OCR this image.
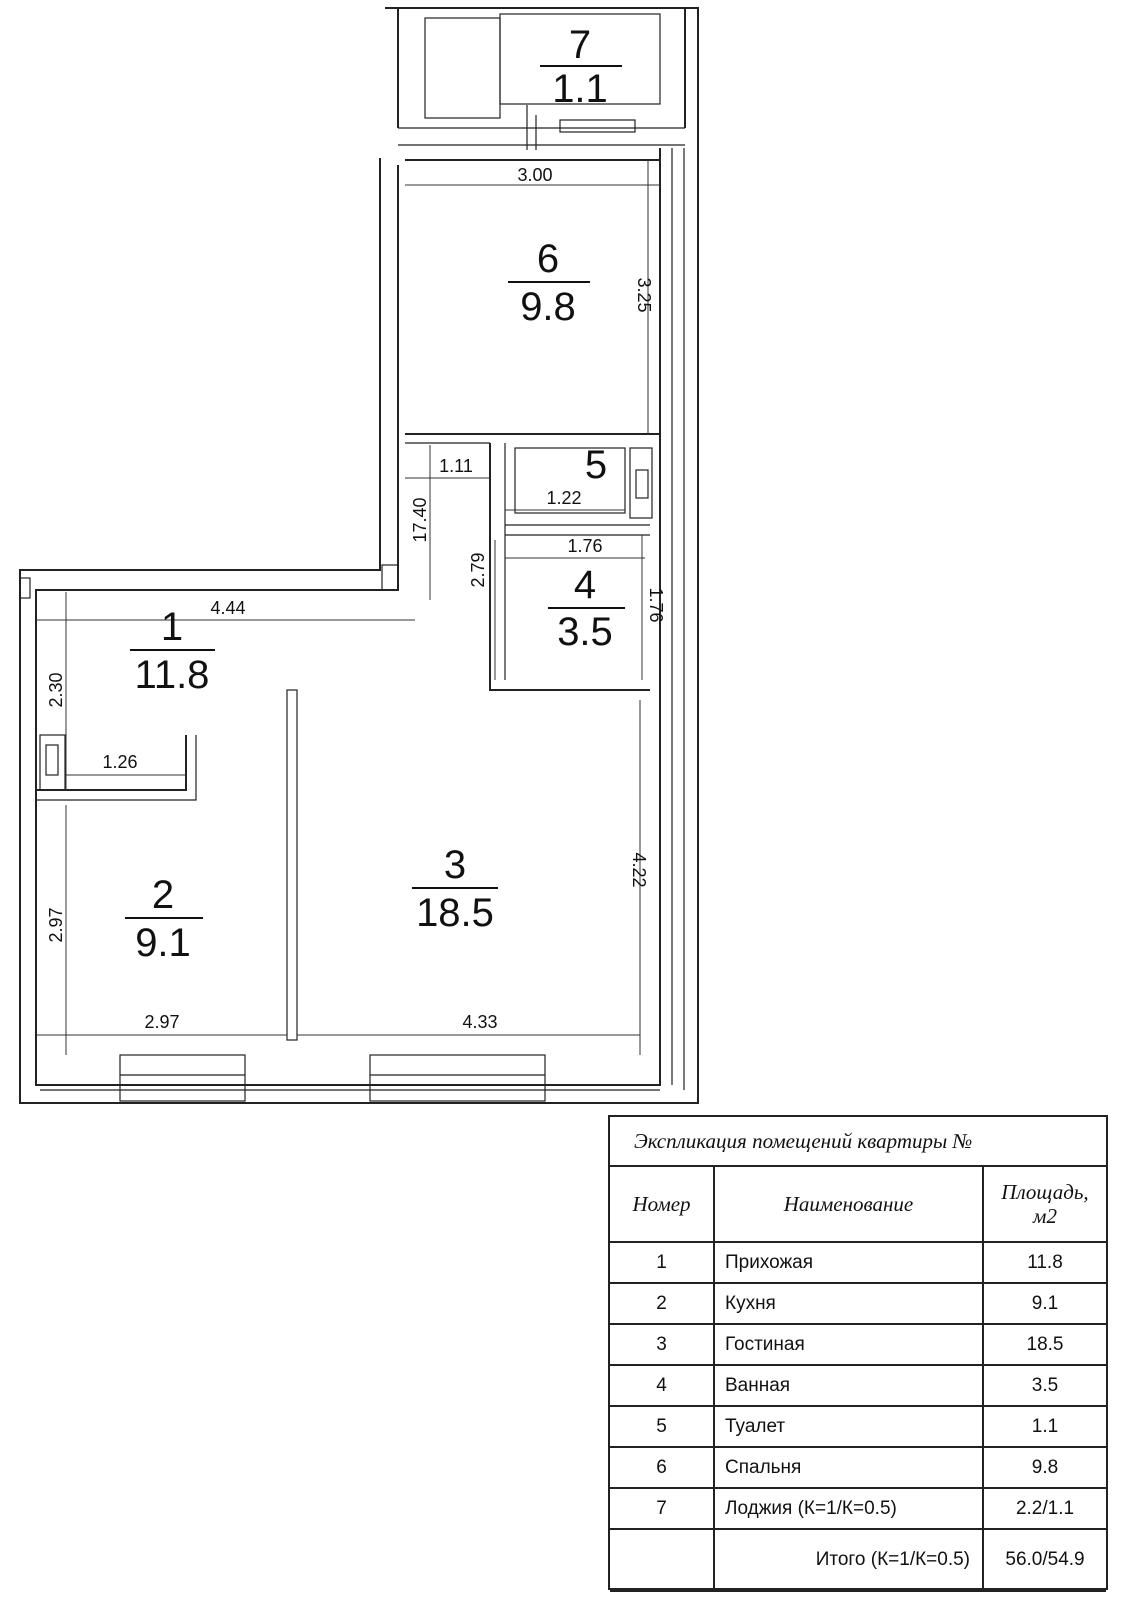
6
9.8
7
1.1
5
4
3.5
1
11.8
3
18.5
2
9.1
3.00
3.25
1.11
17.40	1.22
1.76
1.76
2.79
4.44
2.30
1.26
2.97
2.97	4.33
4.22
Экспликация помещений квартиры №
Номер	Наименование	Площадь,
м2
1	Прихожая	11.8
2	Кухня	9.1
3	Гостиная	18.5
4	Ванная	3.5
5	Туалет	1.1
6	Спальня	9.8
7	Лоджия (К=1/К=0.5)	2.2/1.1
	Итого (К=1/К=0.5)	56.0/54.9
